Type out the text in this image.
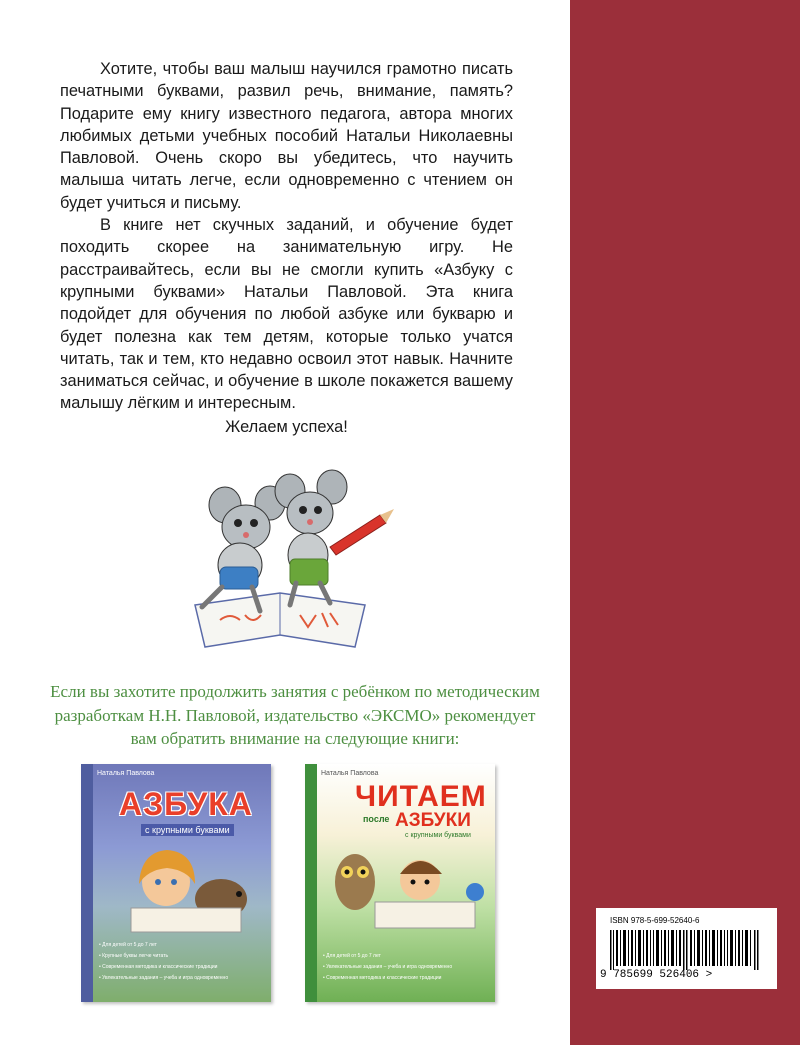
Хотите, чтобы ваш малыш научился грамотно писать печатными буквами, развил речь, внимание, память? Подарите ему книгу известного педагога, автора многих любимых детьми учебных пособий Натальи Николаевны Павловой. Очень скоро вы убедитесь, что научить малыша читать легче, если одновременно с чтением он будет учиться и письму.

В книге нет скучных заданий, и обучение будет походить скорее на занимательную игру. Не расстраивайтесь, если вы не смогли купить «Азбуку с крупными буквами» Натальи Павловой. Эта книга подойдет для обучения по любой азбуке или букварю и будет полезна как тем детям, которые только учатся читать, так и тем, кто недавно освоил этот навык. Начните заниматься сейчас, и обучение в школе покажется вашему малышу лёгким и интересным.

Желаем успеха!
Если вы захотите продолжить занятия с ребёнком по методическим разработкам Н.Н. Павловой, издательство «ЭКСМО» рекомендует вам обратить внимание на следующие книги:
Наталья Павлова
АЗБУКА
с крупными буквами
• Для детей от 5 до 7 лет
• Крупные буквы легче читать
• Современная методика и классические традиции
• Увлекательные задания – учеба и игра одновременно
Наталья Павлова
ЧИТАЕМ
после АЗБУКИ
с крупными буквами
• Для детей от 5 до 7 лет
• Увлекательные задания – учеба и игра одновременно
• Современная методика и классические традиции
ISBN 978-5-699-52640-6
9 785699 526406 >
